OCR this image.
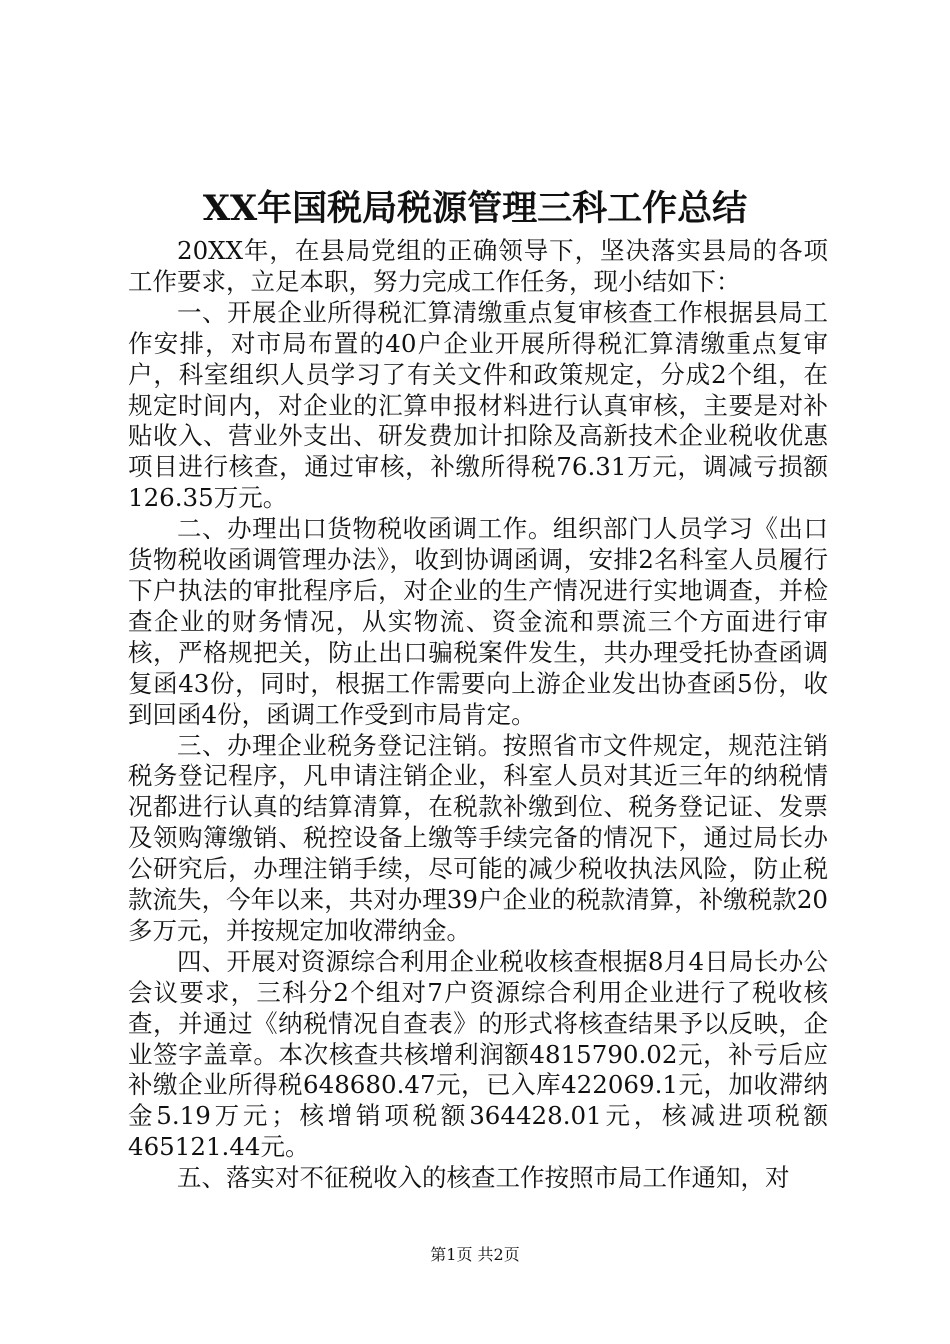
XX年国税局税源管理三科工作总结

20XX年，在县局党组的正确领导下，坚决落实县局的各项工作要求，立足本职，努力完成工作任务，现小结如下：

一、开展企业所得税汇算清缴重点复审核查工作根据县局工作安排，对市局布置的40户企业开展所得税汇算清缴重点复审户，科室组织人员学习了有关文件和政策规定，分成2个组，在规定时间内，对企业的汇算申报材料进行认真审核，主要是对补贴收入、营业外支出、研发费加计扣除及高新技术企业税收优惠项目进行核查，通过审核，补缴所得税76.31万元，调减亏损额126.35万元。

二、办理出口货物税收函调工作。组织部门人员学习《出口货物税收函调管理办法》，收到协调函调，安排2名科室人员履行下户执法的审批程序后，对企业的生产情况进行实地调查，并检查企业的财务情况，从实物流、资金流和票流三个方面进行审核，严格规把关，防止出口骗税案件发生，共办理受托协查函调复函43份，同时，根据工作需要向上游企业发出协查函5份，收到回函4份，函调工作受到市局肯定。

三、办理企业税务登记注销。按照省市文件规定，规范注销税务登记程序，凡申请注销企业，科室人员对其近三年的纳税情况都进行认真的结算清算，在税款补缴到位、税务登记证、发票及领购簿缴销、税控设备上缴等手续完备的情况下，通过局长办公研究后，办理注销手续，尽可能的减少税收执法风险，防止税款流失，今年以来，共对办理39户企业的税款清算，补缴税款20多万元，并按规定加收滞纳金。

四、开展对资源综合利用企业税收核查根据8月4日局长办公会议要求，三科分2个组对7户资源综合利用企业进行了税收核查，并通过《纳税情况自查表》的形式将核查结果予以反映，企业签字盖章。本次核查共核增利润额4815790.02元，补亏后应补缴企业所得税648680.47元，已入库422069.1元，加收滞纳金5.19万元；核增销项税额364428.01元，核减进项税额465121.44元。

五、落实对不征税收入的核查工作按照市局工作通知，对

第1页 共2页
